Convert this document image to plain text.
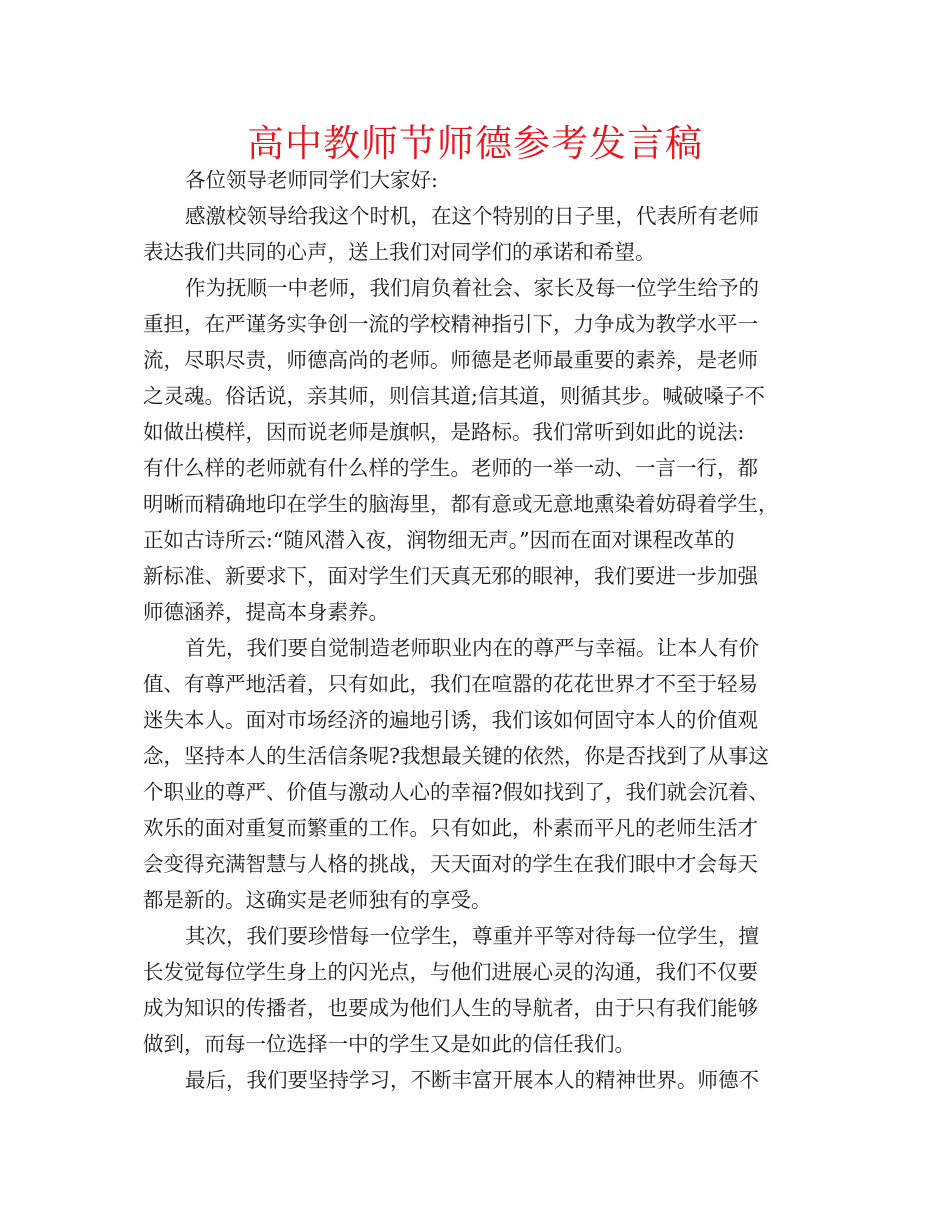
高中教师节师德参考发言稿
各位领导老师同学们大家好:
感激校领导给我这个时机，在这个特别的日子里，代表所有老师
表达我们共同的心声，送上我们对同学们的承诺和希望。
作为抚顺一中老师，我们肩负着社会、家长及每一位学生给予的
重担，在严谨务实争创一流的学校精神指引下，力争成为教学水平一
流，尽职尽责，师德高尚的老师。师德是老师最重要的素养，是老师
之灵魂。俗话说，亲其师，则信其道;信其道，则循其步。喊破嗓子不
如做出模样，因而说老师是旗帜，是路标。我们常听到如此的说法:
有什么样的老师就有什么样的学生。老师的一举一动、一言一行，都
明晰而精确地印在学生的脑海里，都有意或无意地熏染着妨碍着学生，
正如古诗所云:“随风潜入夜，润物细无声。”因而在面对课程改革的
新标准、新要求下，面对学生们天真无邪的眼神，我们要进一步加强
师德涵养，提高本身素养。
首先，我们要自觉制造老师职业内在的尊严与幸福。让本人有价
值、有尊严地活着，只有如此，我们在喧嚣的花花世界才不至于轻易
迷失本人。面对市场经济的遍地引诱，我们该如何固守本人的价值观
念，坚持本人的生活信条呢?我想最关键的依然，你是否找到了从事这
个职业的尊严、价值与激动人心的幸福?假如找到了，我们就会沉着、
欢乐的面对重复而繁重的工作。只有如此，朴素而平凡的老师生活才
会变得充满智慧与人格的挑战，天天面对的学生在我们眼中才会每天
都是新的。这确实是老师独有的享受。
其次，我们要珍惜每一位学生，尊重并平等对待每一位学生，擅
长发觉每位学生身上的闪光点，与他们进展心灵的沟通，我们不仅要
成为知识的传播者，也要成为他们人生的导航者，由于只有我们能够
做到，而每一位选择一中的学生又是如此的信任我们。
最后，我们要坚持学习，不断丰富开展本人的精神世界。师德不
